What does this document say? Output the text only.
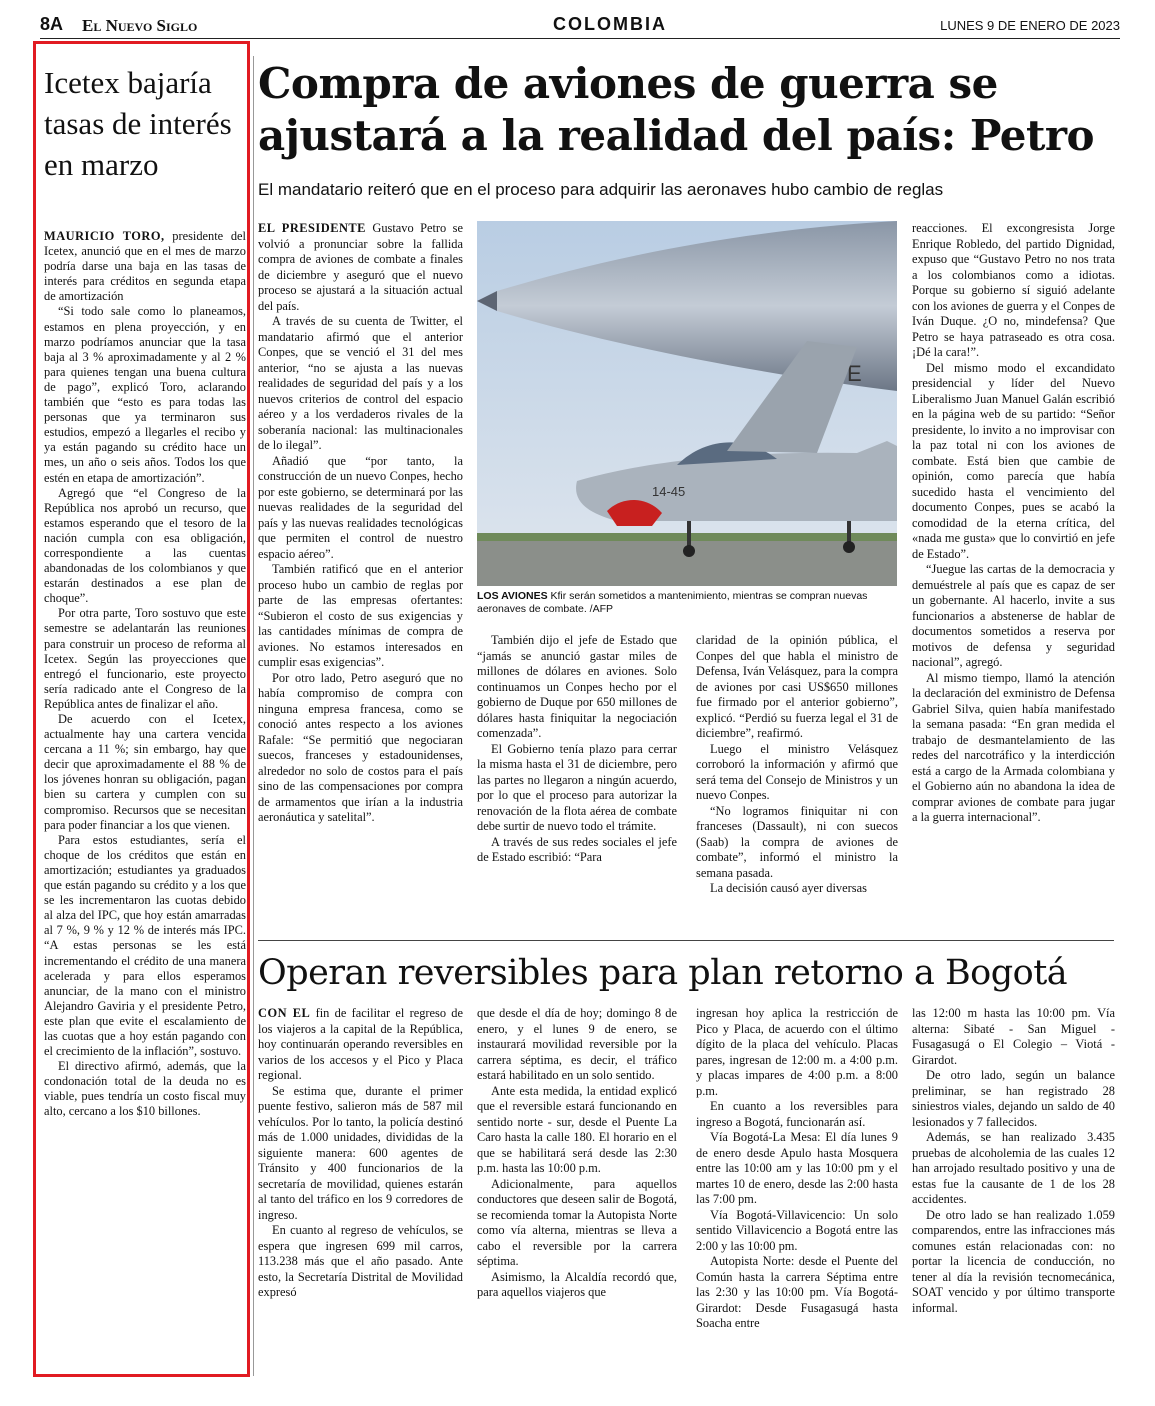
8A El Nuevo Siglo	COLOMBIA	LUNES 9 DE ENERO DE 2023
Icetex bajaría tasas de interés en marzo

MAURICIO TORO, presidente del Icetex, anunció que en el mes de marzo podría darse una baja en las tasas de interés para créditos en segunda etapa de amortización

“Si todo sale como lo planeamos, estamos en plena proyección, y en marzo podríamos anunciar que la tasa baja al 3 % aproximadamente y al 2 % para quienes tengan una buena cultura de pago”, explicó Toro, aclarando también que “esto es para todas las personas que ya terminaron sus estudios, empezó a llegarles el recibo y ya están pagando su crédito hace un mes, un año o seis años. Todos los que estén en etapa de amortización”.

Agregó que “el Congreso de la República nos aprobó un recurso, que estamos esperando que el tesoro de la nación cumpla con esa obligación, correspondiente a las cuentas abandonadas de los colombianos y que estarán destinados a ese plan de choque”.

Por otra parte, Toro sostuvo que este semestre se adelantarán las reuniones para construir un proceso de reforma al Icetex. Según las proyecciones que entregó el funcionario, este proyecto sería radicado ante el Congreso de la República antes de finalizar el año.

De acuerdo con el Icetex, actualmente hay una cartera vencida cercana a 11 %; sin embargo, hay que decir que aproximadamente el 88 % de los jóvenes honran su obligación, pagan bien su cartera y cumplen con su compromiso. Recursos que se necesitan para poder financiar a los que vienen.

Para estos estudiantes, sería el choque de los créditos que están en amortización; estudiantes ya graduados que están pagando su crédito y a los que se les incrementaron las cuotas debido al alza del IPC, que hoy están amarradas al 7 %, 9 % y 12 % de interés más IPC. “A estas personas se les está incrementando el crédito de una manera acelerada y para ellos esperamos anunciar, de la mano con el ministro Alejandro Gaviria y el presidente Petro, este plan que evite el escalamiento de las cuotas que a hoy están pagando con el crecimiento de la inflación”, sostuvo.

El directivo afirmó, además, que la condonación total de la deuda no es viable, pues tendría un costo fiscal muy alto, cercano a los $10 billones.

Compra de aviones de guerra se ajustará a la realidad del país: Petro
El mandatario reiteró que en el proceso para adquirir las aeronaves hubo cambio de reglas

EL PRESIDENTE Gustavo Petro se volvió a pronunciar sobre la fallida compra de aviones de combate a finales de diciembre y aseguró que el nuevo proceso se ajustará a la situación actual del país.

A través de su cuenta de Twitter, el mandatario afirmó que el anterior Conpes, que se venció el 31 del mes anterior, “no se ajusta a las nuevas realidades de seguridad del país y a los nuevos criterios de control del espacio aéreo y a los verdaderos rivales de la soberanía nacional: las multinacionales de lo ilegal”.

Añadió que “por tanto, la construcción de un nuevo Conpes, hecho por este gobierno, se determinará por las nuevas realidades de la seguridad del país y las nuevas realidades tecnológicas que permiten el control de nuestro espacio aéreo”.

También ratificó que en el anterior proceso hubo un cambio de reglas por parte de las empresas ofertantes: “Subieron el costo de sus exigencias y las cantidades mínimas de compra de aviones. No estamos interesados en cumplir esas exigencias”.

Por otro lado, Petro aseguró que no había compromiso de compra con ninguna empresa francesa, como se conoció antes respecto a los aviones Rafale: “Se permitió que negociaran suecos, franceses y estadounidenses, alrededor no solo de costos para el país sino de las compensaciones por compra de armamentos que irían a la industria aeronáutica y satelital”.

E
14-45
LOS AVIONES Kfir serán sometidos a mantenimiento, mientras se compran nuevas aeronaves de combate. /AFP

También dijo el jefe de Estado que “jamás se anunció gastar miles de millones de dólares en aviones. Solo continuamos un Conpes hecho por el gobierno de Duque por 650 millones de dólares hasta finiquitar la negociación comenzada”.

El Gobierno tenía plazo para cerrar la misma hasta el 31 de diciembre, pero las partes no llegaron a ningún acuerdo, por lo que el proceso para autorizar la renovación de la flota aérea de combate debe surtir de nuevo todo el trámite.

A través de sus redes sociales el jefe de Estado escribió: “Para

claridad de la opinión pública, el Conpes del que habla el ministro de Defensa, Iván Velásquez, para la compra de aviones por casi US$650 millones fue firmado por el anterior gobierno”, explicó. “Perdió su fuerza legal el 31 de diciembre”, reafirmó.

Luego el ministro Velásquez corroboró la información y afirmó que será tema del Consejo de Ministros y un nuevo Conpes.

“No logramos finiquitar ni con franceses (Dassault), ni con suecos (Saab) la compra de aviones de combate”, informó el ministro la semana pasada.

La decisión causó ayer diversas

reacciones. El excongresista Jorge Enrique Robledo, del partido Dignidad, expuso que “Gustavo Petro no nos trata a los colombianos como a idiotas. Porque su gobierno sí siguió adelante con los aviones de guerra y el Conpes de Iván Duque. ¿O no, mindefensa? Que Petro se haya patraseado es otra cosa. ¡Dé la cara!”.

Del mismo modo el excandidato presidencial y líder del Nuevo Liberalismo Juan Manuel Galán escribió en la página web de su partido: “Señor presidente, lo invito a no improvisar con la paz total ni con los aviones de combate. Está bien que cambie de opinión, como parecía que había sucedido hasta el vencimiento del documento Conpes, pues se acabó la comodidad de la eterna crítica, del «nada me gusta» que lo convirtió en jefe de Estado”.

“Juegue las cartas de la democracia y demuéstrele al país que es capaz de ser un gobernante. Al hacerlo, invite a sus funcionarios a abstenerse de hablar de documentos sometidos a reserva por motivos de defensa y seguridad nacional”, agregó.

Al mismo tiempo, llamó la atención la declaración del exministro de Defensa Gabriel Silva, quien había manifestado la semana pasada: “En gran medida el trabajo de desmantelamiento de las redes del narcotráfico y la interdicción está a cargo de la Armada colombiana y el Gobierno aún no abandona la idea de comprar aviones de combate para jugar a la guerra internacional”.

Operan reversibles para plan retorno a Bogotá

CON EL fin de facilitar el regreso de los viajeros a la capital de la República, hoy continuarán operando reversibles en varios de los accesos y el Pico y Placa regional.

Se estima que, durante el primer puente festivo, salieron más de 587 mil vehículos. Por lo tanto, la policía destinó más de 1.000 unidades, divididas de la siguiente manera: 600 agentes de Tránsito y 400 funcionarios de la secretaría de movilidad, quienes estarán al tanto del tráfico en los 9 corredores de ingreso.

En cuanto al regreso de vehículos, se espera que ingresen 699 mil carros, 113.238 más que el año pasado. Ante esto, la Secretaría Distrital de Movilidad expresó

que desde el día de hoy; domingo 8 de enero, y el lunes 9 de enero, se instaurará movilidad reversible por la carrera séptima, es decir, el tráfico estará habilitado en un solo sentido.

Ante esta medida, la entidad explicó que el reversible estará funcionando en sentido norte - sur, desde el Puente La Caro hasta la calle 180. El horario en el que se habilitará será desde las 2:30 p.m. hasta las 10:00 p.m.

Adicionalmente, para aquellos conductores que deseen salir de Bogotá, se recomienda tomar la Autopista Norte como vía alterna, mientras se lleva a cabo el reversible por la carrera séptima.

Asimismo, la Alcaldía recordó que, para aquellos viajeros que

ingresan hoy aplica la restricción de Pico y Placa, de acuerdo con el último dígito de la placa del vehículo. Placas pares, ingresan de 12:00 m. a 4:00 p.m. y placas impares de 4:00 p.m. a 8:00 p.m.

En cuanto a los reversibles para ingreso a Bogotá, funcionarán así.

Vía Bogotá-La Mesa: El día lunes 9 de enero desde Apulo hasta Mosquera entre las 10:00 am y las 10:00 pm y el martes 10 de enero, desde las 2:00 hasta las 7:00 pm.

Vía Bogotá-Villavicencio: Un solo sentido Villavicencio a Bogotá entre las 2:00 y las 10:00 pm.

Autopista Norte: desde el Puente del Común hasta la carrera Séptima entre las 2:30 y las 10:00 pm. Vía Bogotá-Girardot: Desde Fusagasugá hasta Soacha entre

las 12:00 m hasta las 10:00 pm. Vía alterna: Sibaté - San Miguel - Fusagasugá o El Colegio – Viotá - Girardot.

De otro lado, según un balance preliminar, se han registrado 28 siniestros viales, dejando un saldo de 40 lesionados y 7 fallecidos.

Además, se han realizado 3.435 pruebas de alcoholemia de las cuales 12 han arrojado resultado positivo y una de estas fue la causante de 1 de los 28 accidentes.

De otro lado se han realizado 1.059 comparendos, entre las infracciones más comunes están relacionadas con: no portar la licencia de conducción, no tener al día la revisión tecnomecánica, SOAT vencido y por último transporte informal.
